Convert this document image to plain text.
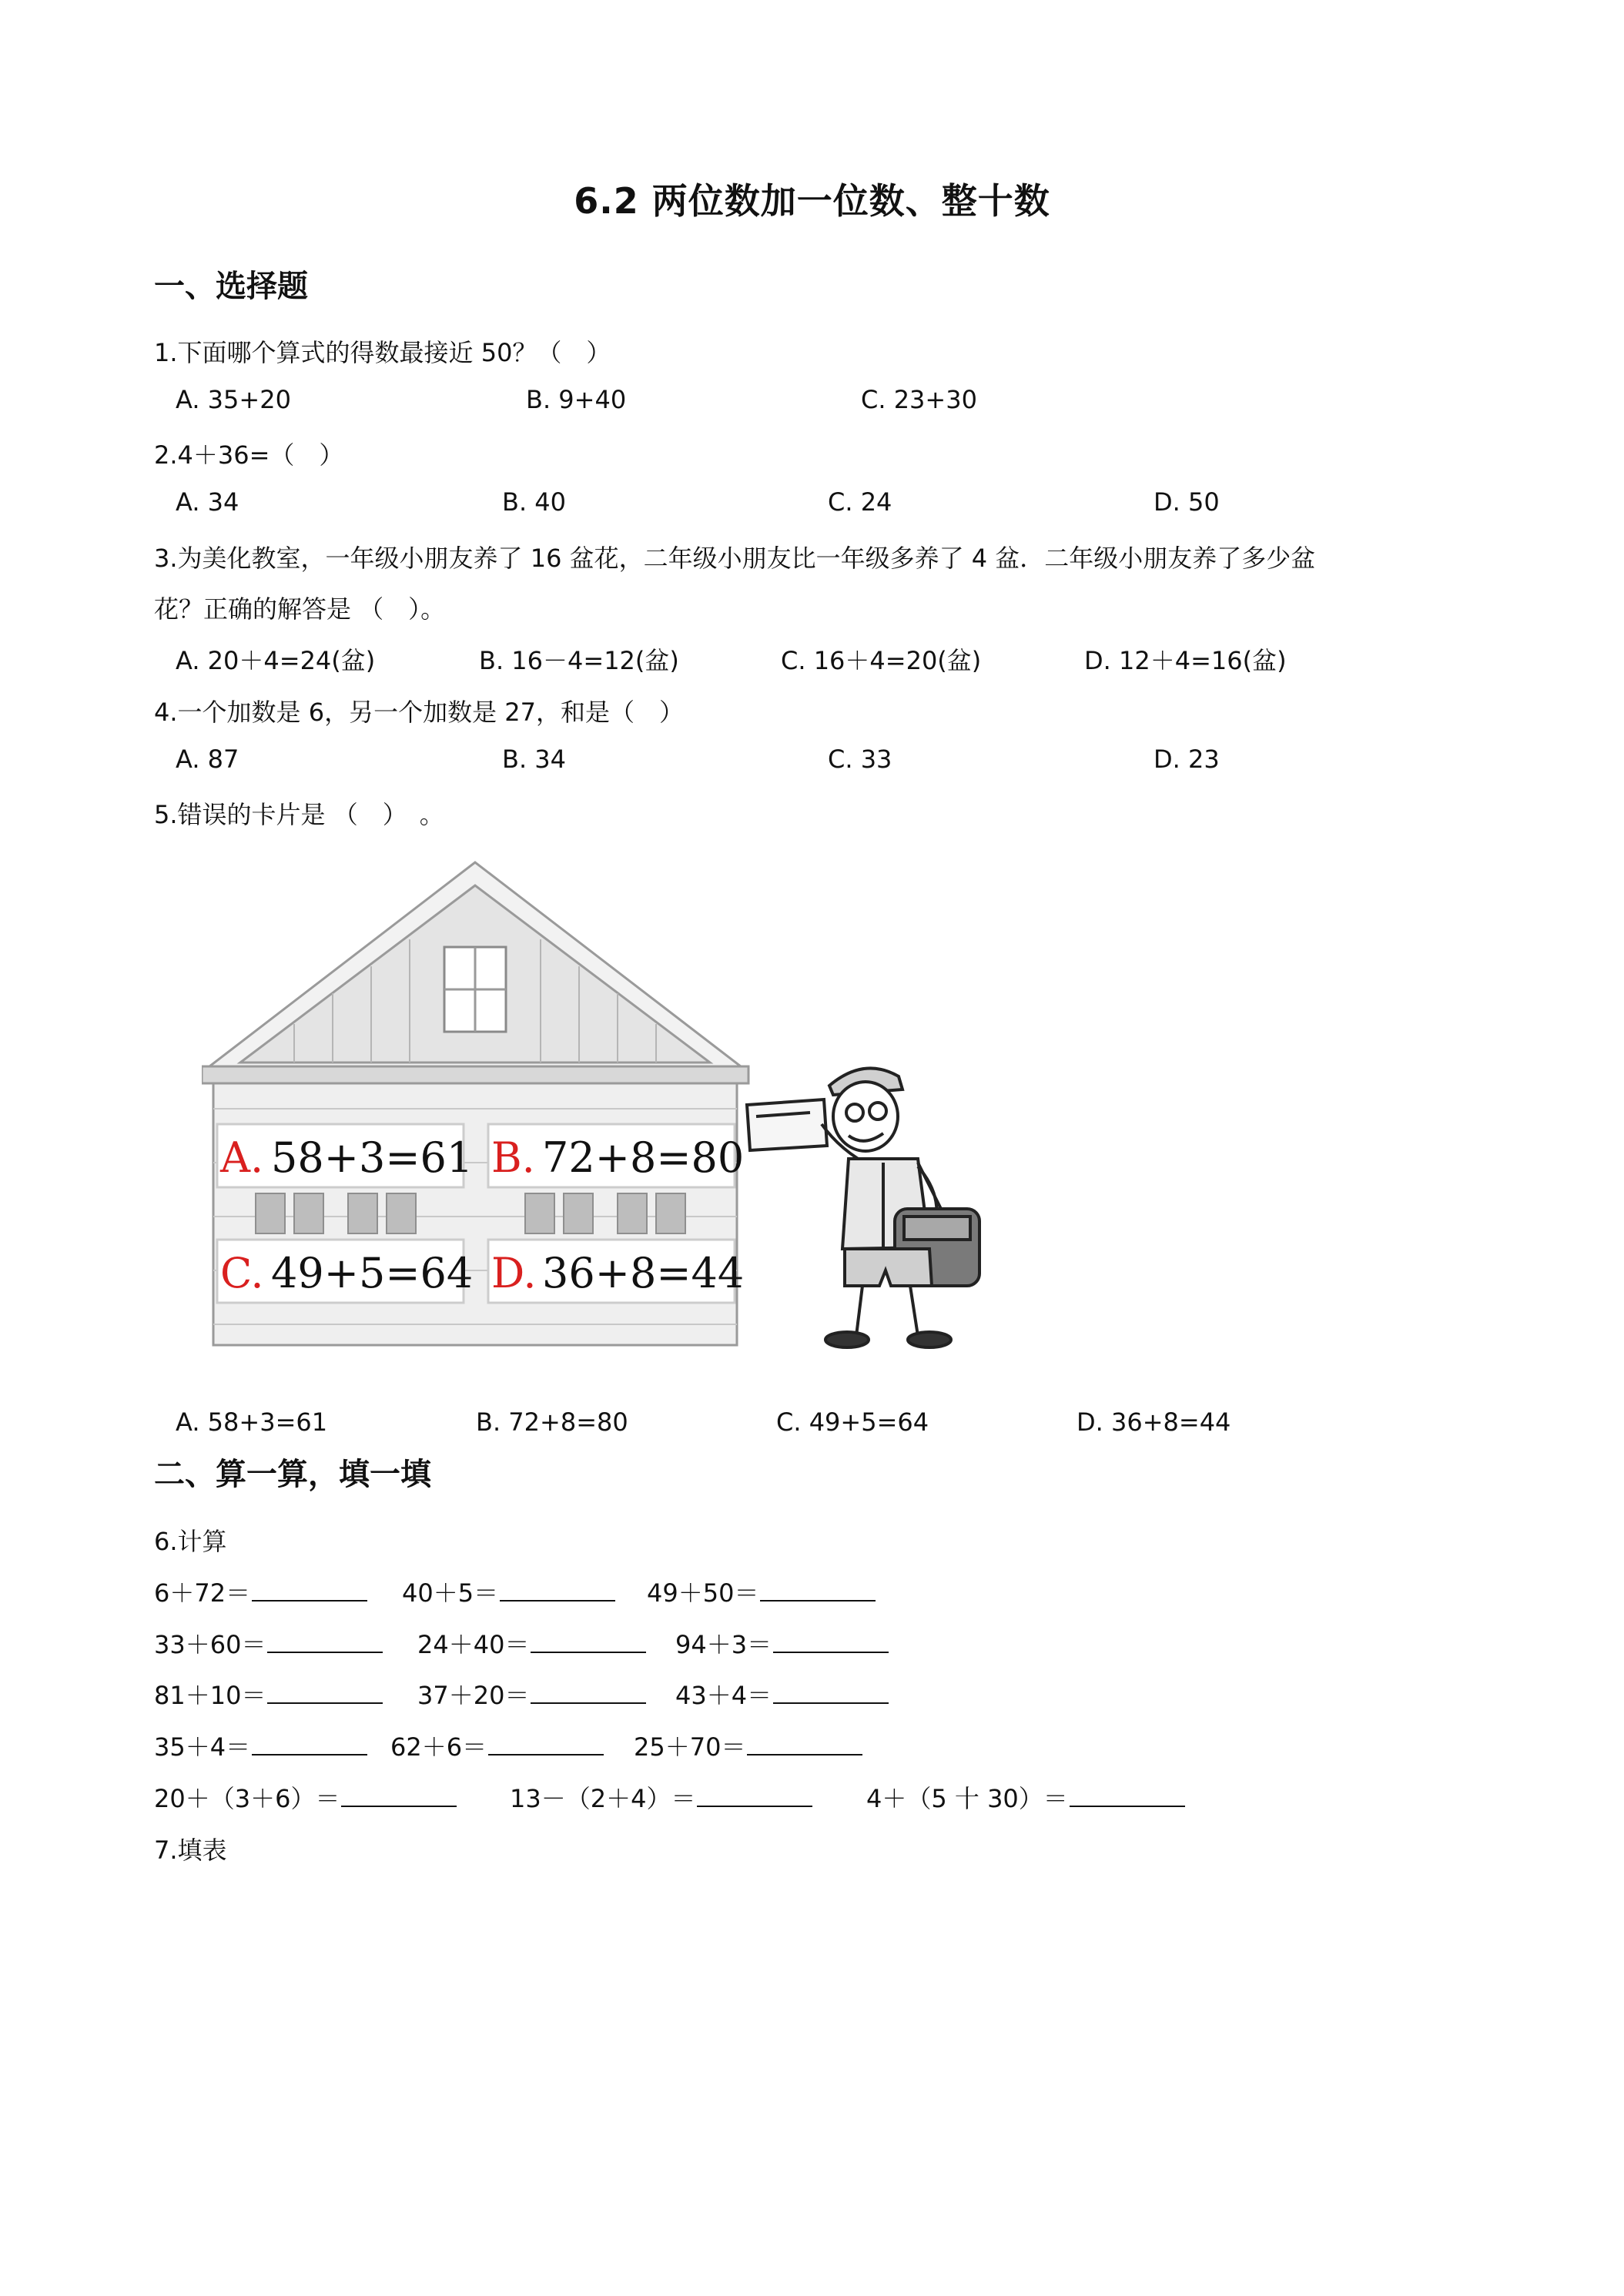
6.2 两位数加一位数、整十数
一、选择题
1.下面哪个算式的得数最接近 50？（　）
A. 35+20	B. 9+40	C. 23+30
2.4＋36=（　）
A. 34	B. 40	C. 24	D. 50
3.为美化教室，一年级小朋友养了 16 盆花，二年级小朋友比一年级多养了 4 盆．二年级小朋友养了多少盆
花？正确的解答是 （　）。
A. 20＋4=24(盆)	B. 16－4=12(盆)	C. 16＋4=20(盆)	D. 12＋4=16(盆)
4.一个加数是 6，另一个加数是 27，和是（　）
A. 87	B. 34	C. 33	D. 23
5.错误的卡片是 （　）　。
A. 58+3=61 B. 72+8=80
C. 49+5=64 D. 36+8=44
A. 58+3=61	B. 72+8=80	C. 49+5=64	D. 36+8=44
二、算一算，填一填
6.计算
6＋72＝	40＋5＝	49＋50＝
33＋60＝	24＋40＝	94＋3＝
81＋10＝	37＋20＝	43＋4＝
35＋4＝	62＋6＝	25＋70＝
20＋（3＋6）＝	13－（2＋4）＝	4＋（5 十 30）＝
7.填表
